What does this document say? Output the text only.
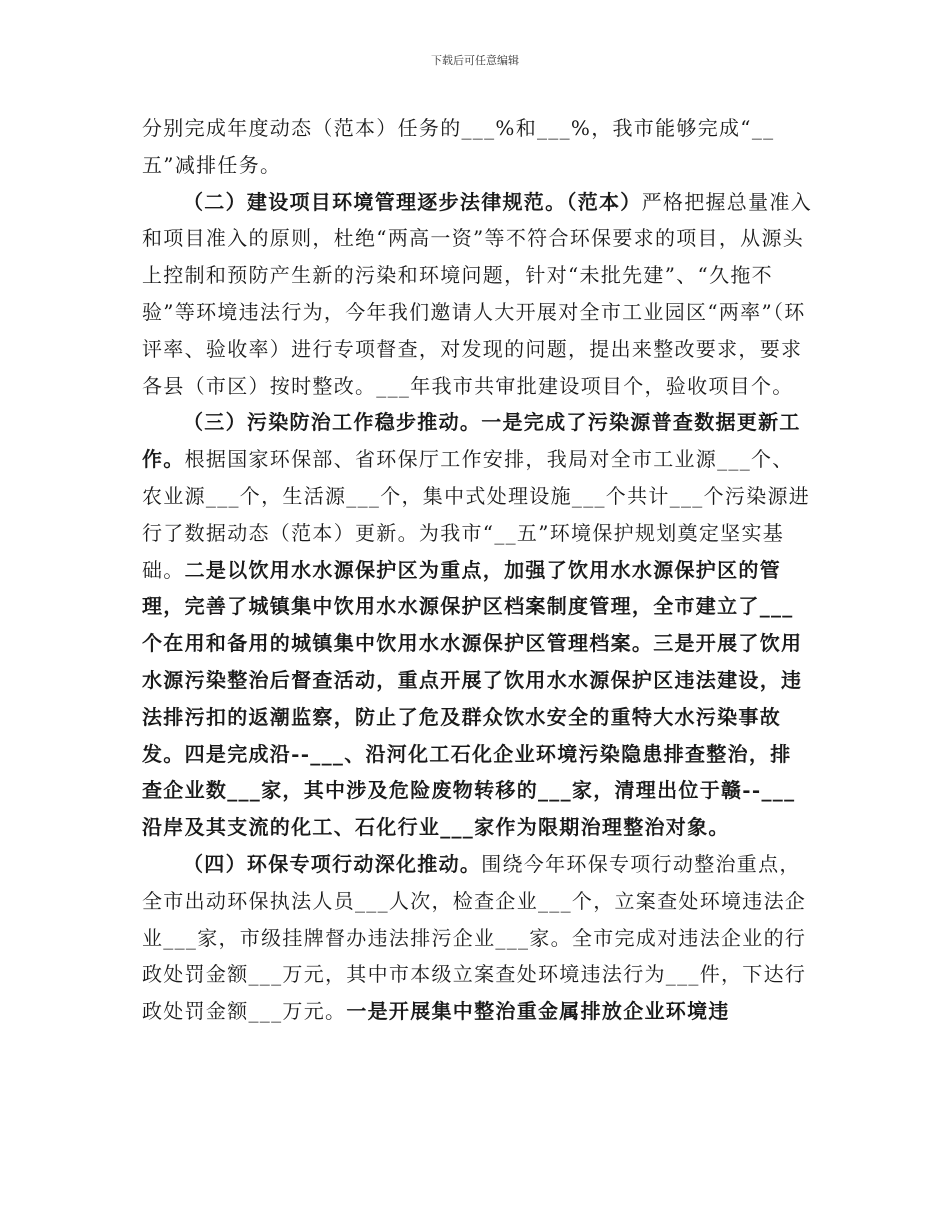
下载后可任意编辑

分别完成年度动态（范本）任务的___%和___%，我市能够完成“__五”减排任务。

（二）建设项目环境管理逐步法律规范。（范本）严格把握总量准入和项目准入的原则，杜绝“两高一资”等不符合环保要求的项目，从源头上控制和预防产生新的污染和环境问题，针对“未批先建”、“久拖不验”等环境违法行为，今年我们邀请人大开展对全市工业园区“两率”（环评率、验收率）进行专项督查，对发现的问题，提出来整改要求，要求各县（市区）按时整改。___年我市共审批建设项目个，验收项目个。

（三）污染防治工作稳步推动。一是完成了污染源普查数据更新工作。根据国家环保部、省环保厅工作安排，我局对全市工业源___个、农业源___个，生活源___个，集中式处理设施___个共计___个污染源进行了数据动态（范本）更新。为我市“__五”环境保护规划奠定坚实基础。二是以饮用水水源保护区为重点，加强了饮用水水源保护区的管理，完善了城镇集中饮用水水源保护区档案制度管理，全市建立了___个在用和备用的城镇集中饮用水水源保护区管理档案。三是开展了饮用水源污染整治后督查活动，重点开展了饮用水水源保护区违法建设，违法排污扣的返潮监察，防止了危及群众饮水安全的重特大水污染事故发。四是完成沿--___、沿河化工石化企业环境污染隐患排查整治，排查企业数___家，其中涉及危险废物转移的___家，清理出位于赣--___沿岸及其支流的化工、石化行业___家作为限期治理整治对象。

（四）环保专项行动深化推动。围绕今年环保专项行动整治重点，全市出动环保执法人员___人次，检查企业___个，立案查处环境违法企业___家，市级挂牌督办违法排污企业___家。全市完成对违法企业的行政处罚金额___万元，其中市本级立案查处环境违法行为___件，下达行政处罚金额___万元。一是开展集中整治重金属排放企业环境违
